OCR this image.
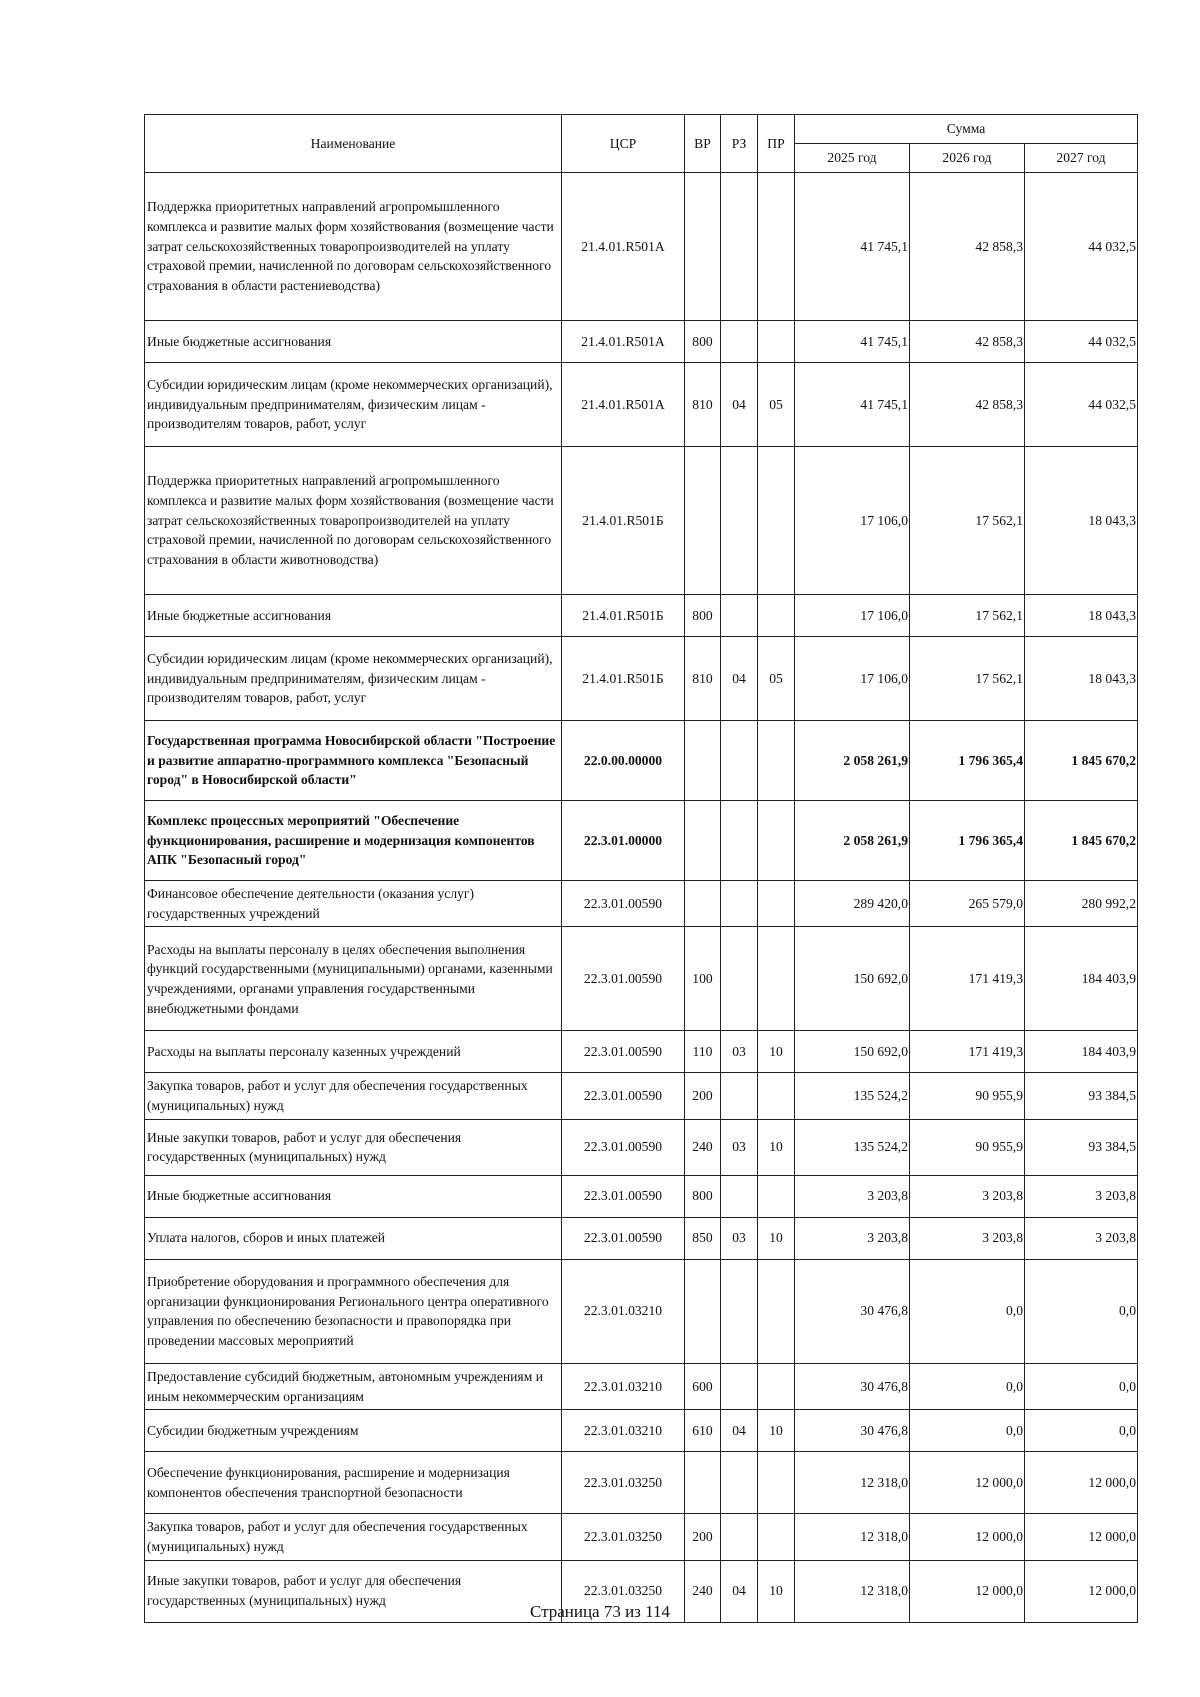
Наименование	ЦСР	ВР	РЗ	ПР	Сумма		
					2025 год	2026 год	2027 год
Поддержка приоритетных направлений агропромышленного комплекса и развитие малых форм хозяйствования (возмещение части затрат сельскохозяйственных товаропроизводителей на уплату страховой премии, начисленной по договорам сельскохозяйственного страхования в области растениеводства)	21.4.01.R501А				41 745,1	42 858,3	44 032,5
Иные бюджетные ассигнования	21.4.01.R501А	800			41 745,1	42 858,3	44 032,5
Субсидии юридическим лицам (кроме некоммерческих организаций), индивидуальным предпринимателям, физическим лицам - производителям товаров, работ, услуг	21.4.01.R501А	810	04	05	41 745,1	42 858,3	44 032,5
Поддержка приоритетных направлений агропромышленного комплекса и развитие малых форм хозяйствования (возмещение части затрат сельскохозяйственных товаропроизводителей на уплату страховой премии, начисленной по договорам сельскохозяйственного страхования в области животноводства)	21.4.01.R501Б				17 106,0	17 562,1	18 043,3
Иные бюджетные ассигнования	21.4.01.R501Б	800			17 106,0	17 562,1	18 043,3
Субсидии юридическим лицам (кроме некоммерческих организаций), индивидуальным предпринимателям, физическим лицам - производителям товаров, работ, услуг	21.4.01.R501Б	810	04	05	17 106,0	17 562,1	18 043,3
Государственная программа Новосибирской области "Построение и развитие аппаратно-программного комплекса "Безопасный город" в Новосибирской области"	22.0.00.00000				2 058 261,9	1 796 365,4	1 845 670,2
Комплекс процессных мероприятий "Обеспечение функционирования, расширение и модернизация компонентов АПК "Безопасный город"	22.3.01.00000				2 058 261,9	1 796 365,4	1 845 670,2
Финансовое обеспечение деятельности (оказания услуг) государственных учреждений	22.3.01.00590				289 420,0	265 579,0	280 992,2
Расходы на выплаты персоналу в целях обеспечения выполнения функций государственными (муниципальными) органами, казенными учреждениями, органами управления государственными внебюджетными фондами	22.3.01.00590	100			150 692,0	171 419,3	184 403,9
Расходы на выплаты персоналу казенных учреждений	22.3.01.00590	110	03	10	150 692,0	171 419,3	184 403,9
Закупка товаров, работ и услуг для обеспечения государственных (муниципальных) нужд	22.3.01.00590	200			135 524,2	90 955,9	93 384,5
Иные закупки товаров, работ и услуг для обеспечения государственных (муниципальных) нужд	22.3.01.00590	240	03	10	135 524,2	90 955,9	93 384,5
Иные бюджетные ассигнования	22.3.01.00590	800			3 203,8	3 203,8	3 203,8
Уплата налогов, сборов и иных платежей	22.3.01.00590	850	03	10	3 203,8	3 203,8	3 203,8
Приобретение оборудования и программного обеспечения для организации функционирования Регионального центра оперативного управления по обеспечению безопасности и правопорядка при проведении массовых мероприятий	22.3.01.03210				30 476,8	0,0	0,0
Предоставление субсидий бюджетным, автономным учреждениям и иным некоммерческим организациям	22.3.01.03210	600			30 476,8	0,0	0,0
Субсидии бюджетным учреждениям	22.3.01.03210	610	04	10	30 476,8	0,0	0,0
Обеспечение функционирования, расширение и модернизация компонентов обеспечения транспортной безопасности	22.3.01.03250				12 318,0	12 000,0	12 000,0
Закупка товаров, работ и услуг для обеспечения государственных (муниципальных) нужд	22.3.01.03250	200			12 318,0	12 000,0	12 000,0
Иные закупки товаров, работ и услуг для обеспечения государственных (муниципальных) нужд	22.3.01.03250	240	04	10	12 318,0	12 000,0	12 000,0
Страница 73 из 114
